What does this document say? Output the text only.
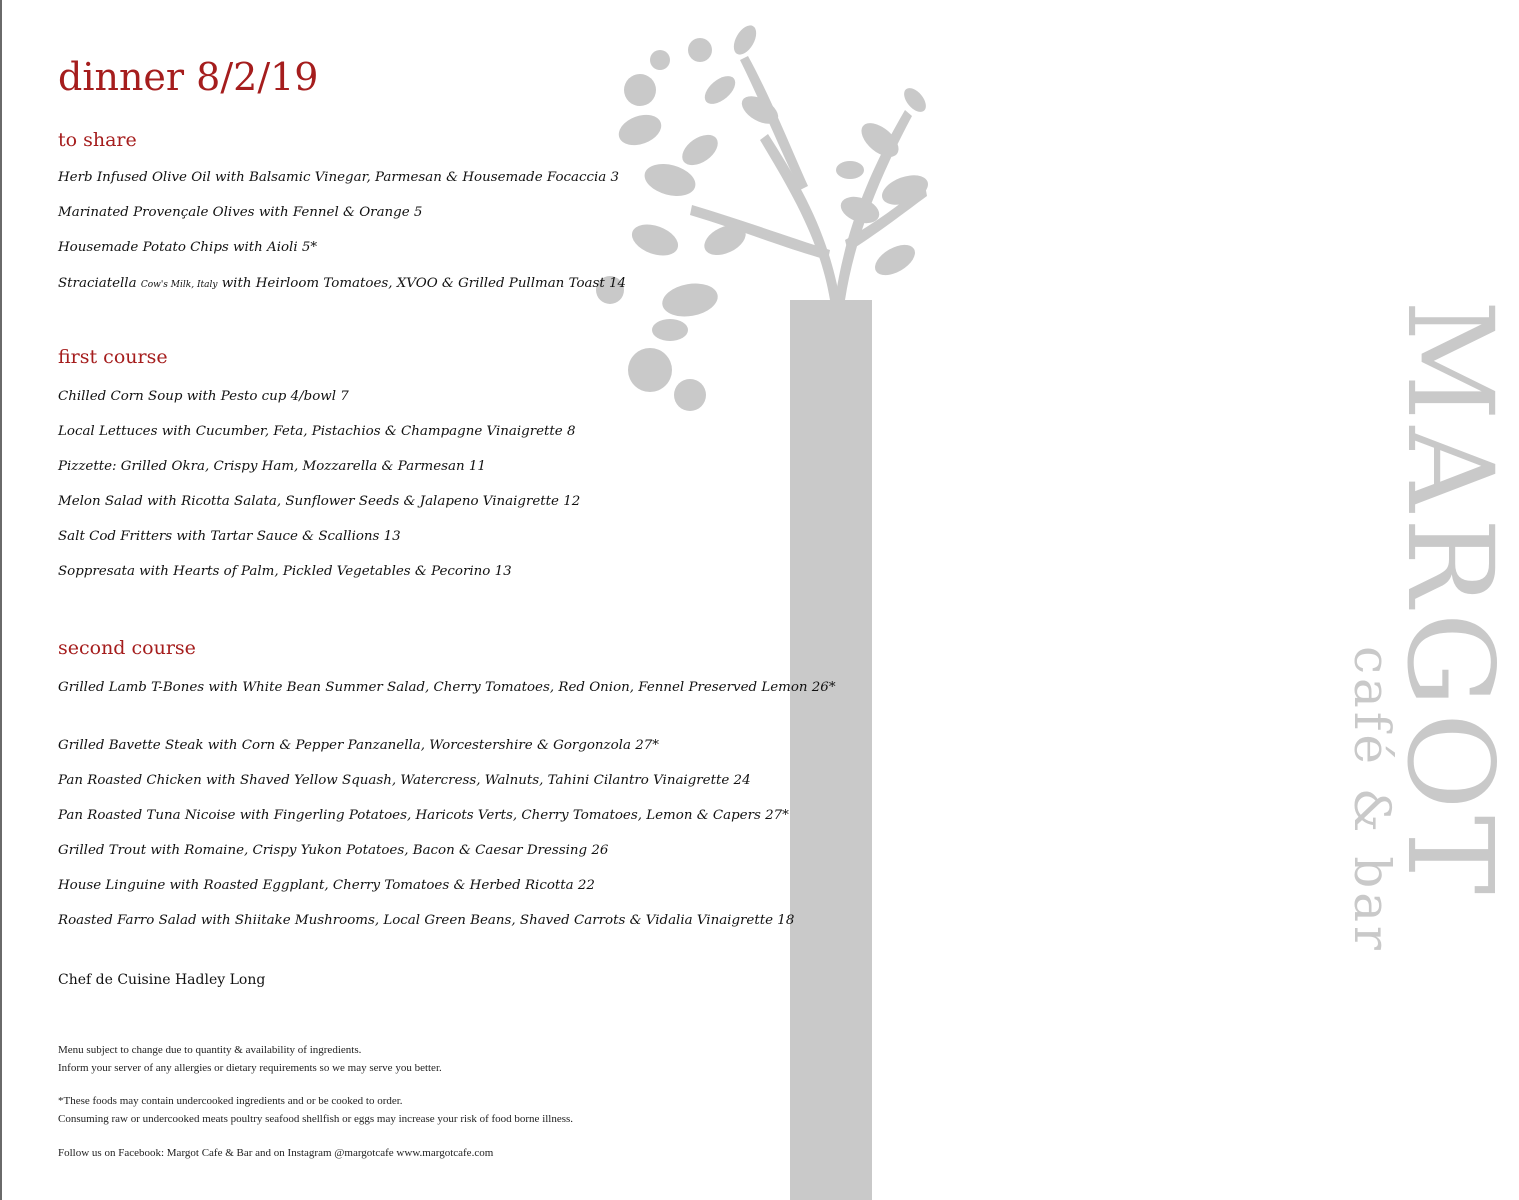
MARGOT
café & bar
dinner 8/2/19
to share

Herb Infused Olive Oil with Balsamic Vinegar, Parmesan & Housemade Focaccia 3

Marinated Provençale Olives with Fennel & Orange 5

Housemade Potato Chips with Aioli 5*

Straciatella Cow's Milk, Italy with Heirloom Tomatoes, XVOO & Grilled Pullman Toast 14

first course

Chilled Corn Soup with Pesto cup 4/bowl 7

Local Lettuces with Cucumber, Feta, Pistachios & Champagne Vinaigrette 8

Pizzette: Grilled Okra, Crispy Ham, Mozzarella & Parmesan 11

Melon Salad with Ricotta Salata, Sunflower Seeds & Jalapeno Vinaigrette 12

Salt Cod Fritters with Tartar Sauce & Scallions 13

Soppresata with Hearts of Palm, Pickled Vegetables & Pecorino 13

second course

Grilled Lamb T-Bones with White Bean Summer Salad, Cherry Tomatoes, Red Onion, Fennel Preserved Lemon 26*

Grilled Bavette Steak with Corn & Pepper Panzanella, Worcestershire & Gorgonzola 27*

Pan Roasted Chicken with Shaved Yellow Squash, Watercress, Walnuts, Tahini Cilantro Vinaigrette 24

Pan Roasted Tuna Nicoise with Fingerling Potatoes, Haricots Verts, Cherry Tomatoes, Lemon & Capers 27*

Grilled Trout with Romaine, Crispy Yukon Potatoes, Bacon & Caesar Dressing 26

House Linguine with Roasted Eggplant, Cherry Tomatoes & Herbed Ricotta 22

Roasted Farro Salad with Shiitake Mushrooms, Local Green Beans, Shaved Carrots & Vidalia Vinaigrette 18

Chef de Cuisine Hadley Long

Menu subject to change due to quantity & availability of ingredients.

Inform your server of any allergies or dietary requirements so we may serve you better.

*These foods may contain undercooked ingredients and or be cooked to order.

Consuming raw or undercooked meats poultry seafood shellfish or eggs may increase your risk of food borne illness.

Follow us on Facebook: Margot Cafe & Bar and on Instagram @margotcafe www.margotcafe.com
